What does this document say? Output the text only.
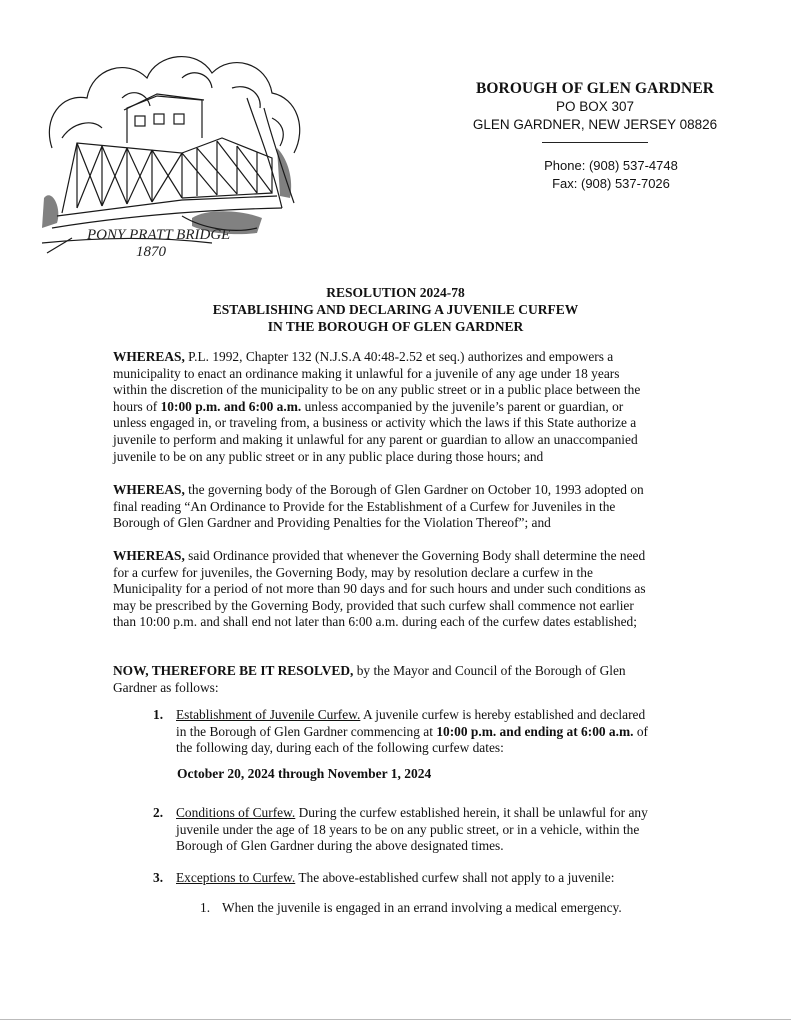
PONY PRATT BRIDGE
1870
BOROUGH OF GLEN GARDNER
PO BOX 307
GLEN GARDNER, NEW JERSEY 08826
Phone: (908) 537-4748
Fax: (908) 537-7026
RESOLUTION 2024-78
ESTABLISHING AND DECLARING A JUVENILE CURFEW
IN THE BOROUGH OF GLEN GARDNER
WHEREAS, P.L. 1992, Chapter 132 (N.J.S.A 40:48-2.52 et seq.) authorizes and empowers a municipality to enact an ordinance making it unlawful for a juvenile of any age under 18 years within the discretion of the municipality to be on any public street or in a public place between the hours of 10:00 p.m. and 6:00 a.m. unless accompanied by the juvenile’s parent or guardian, or unless engaged in, or traveling from, a business or activity which the laws if this State authorize a juvenile to perform and making it unlawful for any parent or guardian to allow an unaccompanied juvenile to be on any public street or in any public place during those hours; and
WHEREAS, the governing body of the Borough of Glen Gardner on October 10, 1993 adopted on final reading “An Ordinance to Provide for the Establishment of a Curfew for Juveniles in the Borough of Glen Gardner and Providing Penalties for the Violation Thereof”; and
WHEREAS, said Ordinance provided that whenever the Governing Body shall determine the need for a curfew for juveniles, the Governing Body, may by resolution declare a curfew in the Municipality for a period of not more than 90 days and for such hours and under such conditions as may be prescribed by the Governing Body, provided that such curfew shall commence not earlier than 10:00 p.m. and shall end not later than 6:00 a.m. during each of the curfew dates established;
NOW, THEREFORE BE IT RESOLVED, by the Mayor and Council of the Borough of Glen Gardner as follows:
1. Establishment of Juvenile Curfew. A juvenile curfew is hereby established and declared in the Borough of Glen Gardner commencing at 10:00 p.m. and ending at 6:00 a.m. of the following day, during each of the following curfew dates:
October 20, 2024 through November 1, 2024
2. Conditions of Curfew. During the curfew established herein, it shall be unlawful for any juvenile under the age of 18 years to be on any public street, or in a vehicle, within the Borough of Glen Gardner during the above designated times.
3. Exceptions to Curfew. The above-established curfew shall not apply to a juvenile:
1. When the juvenile is engaged in an errand involving a medical emergency.
